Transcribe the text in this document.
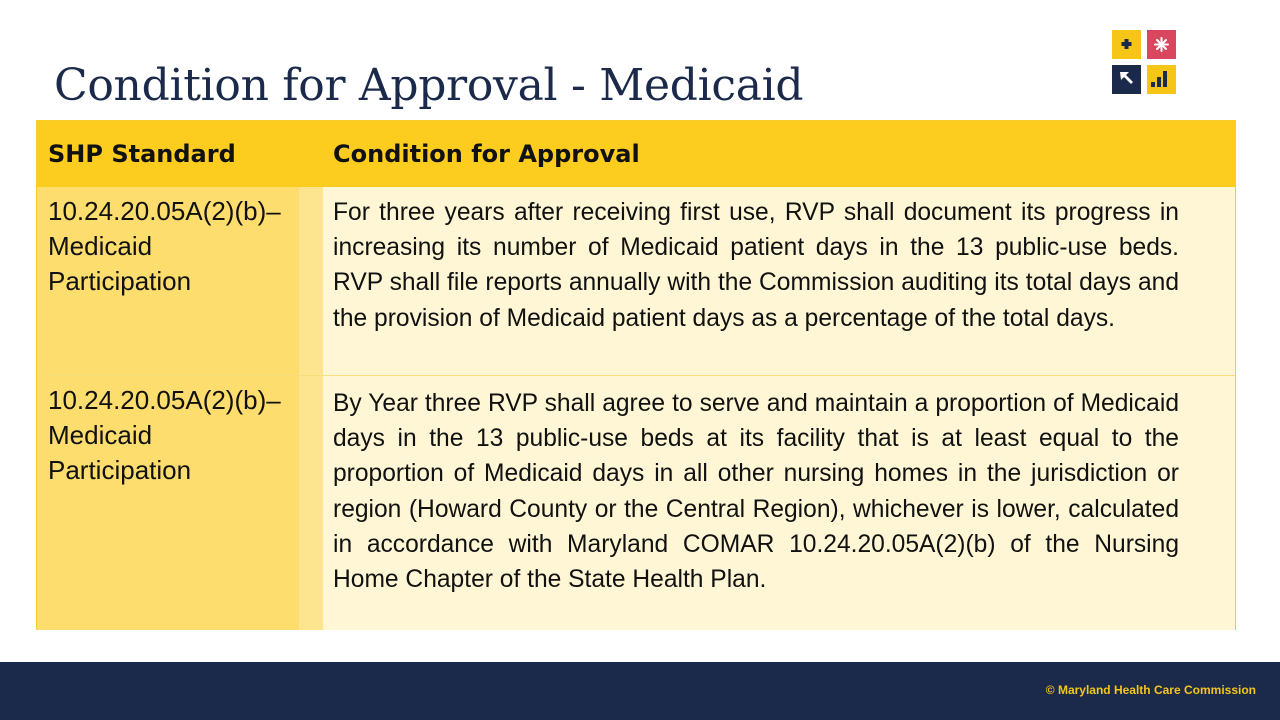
Condition for Approval - Medicaid
SHP Standard	Condition for Approval
10.24.20.05A(2)(b)–
Medicaid
Participation
For three years after receiving first use, RVP shall document its progress in increasing its number of Medicaid patient days in the 13 public-use beds. RVP shall file reports annually with the Commission auditing its total days and the provision of Medicaid patient days as a percentage of the total days.
10.24.20.05A(2)(b)–
Medicaid
Participation
By Year three RVP shall agree to serve and maintain a proportion of Medicaid days in the 13 public-use beds at its facility that is at least equal to the proportion of Medicaid days in all other nursing homes in the jurisdiction or region (Howard County or the Central Region), whichever is lower, calculated in accordance with Maryland COMAR 10.24.20.05A(2)(b) of the Nursing Home Chapter of the State Health Plan.
© Maryland Health Care Commission
